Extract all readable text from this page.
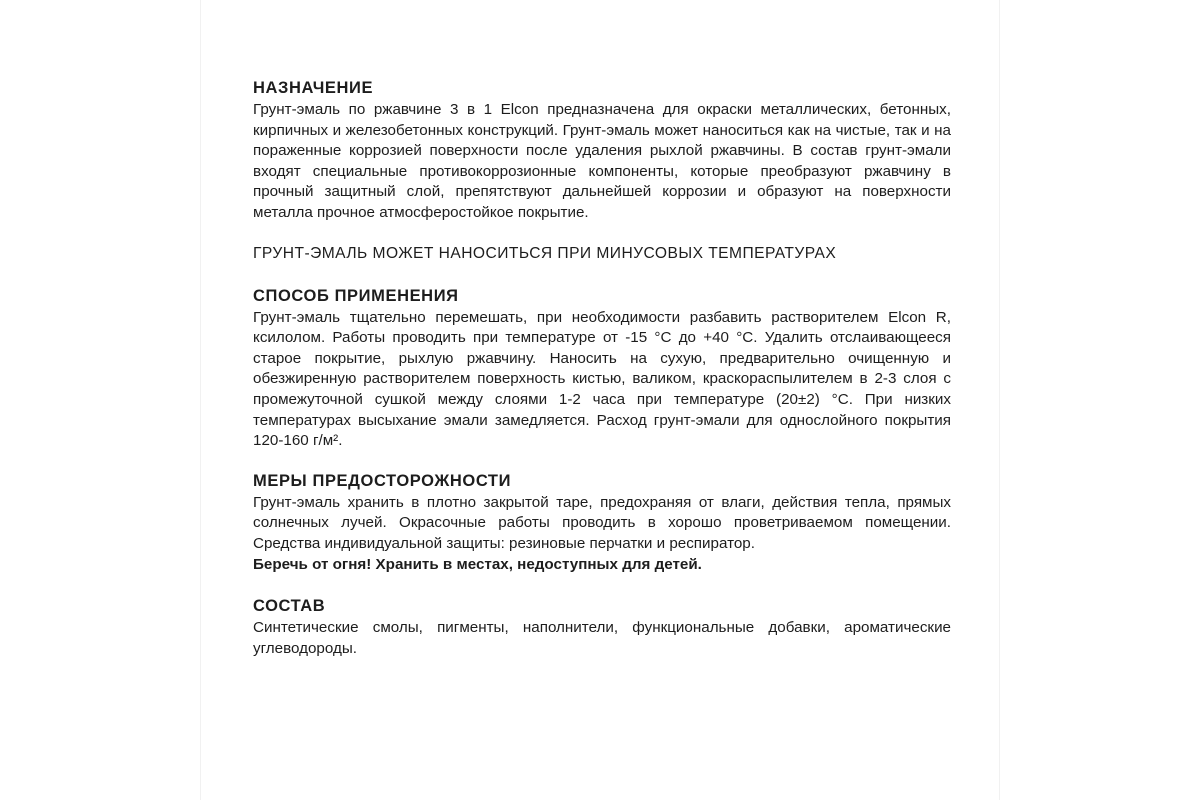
НАЗНАЧЕНИЕ

Грунт-эмаль по ржавчине 3 в 1 Elcon предназначена для окраски металлических, бетонных, кирпичных и железобетонных конструкций. Грунт-эмаль может наноситься как на чистые, так и на пораженные коррозией поверхности после удаления рыхлой ржавчины. В состав грунт-эмали входят специальные противокоррозионные компоненты, которые преобразуют ржавчину в прочный защитный слой, препятствуют дальнейшей коррозии и образуют на поверхности металла прочное атмосферостойкое покрытие.

ГРУНТ-ЭМАЛЬ МОЖЕТ НАНОСИТЬСЯ ПРИ МИНУСОВЫХ ТЕМПЕРАТУРАХ

СПОСОБ ПРИМЕНЕНИЯ

Грунт-эмаль тщательно перемешать, при необходимости разбавить растворителем Elcon R, ксилолом. Работы проводить при температуре от -15 °С до +40 °С. Удалить отслаивающееся старое покрытие, рыхлую ржавчину. Наносить на сухую, предварительно очищенную и обезжиренную растворителем поверхность кистью, валиком, краскораспылителем в 2-3 слоя с промежуточной сушкой между слоями 1-2 часа при температуре (20±2) °С. При низких температурах высыхание эмали замедляется. Расход грунт-эмали для однослойного покрытия 120-160 г/м².

МЕРЫ ПРЕДОСТОРОЖНОСТИ

Грунт-эмаль хранить в плотно закрытой таре, предохраняя от влаги, действия тепла, прямых солнечных лучей. Окрасочные работы проводить в хорошо проветриваемом помещении. Средства индивидуальной защиты: резиновые перчатки и респиратор.

Беречь от огня! Хранить в местах, недоступных для детей.

СОСТАВ

Синтетические смолы, пигменты, наполнители, функциональные добавки, ароматические углеводороды.
